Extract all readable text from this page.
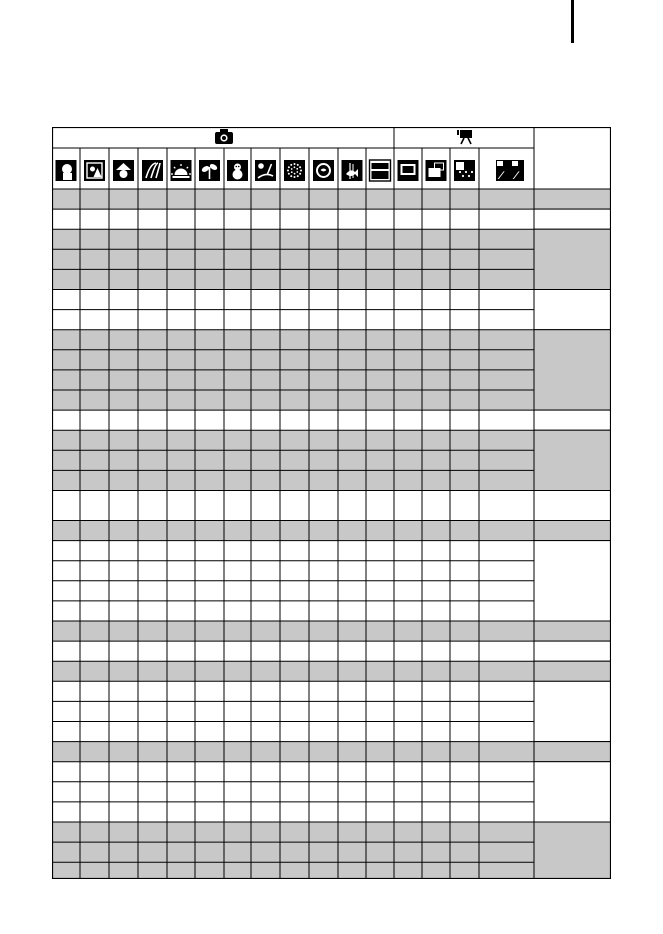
∕ ∕
